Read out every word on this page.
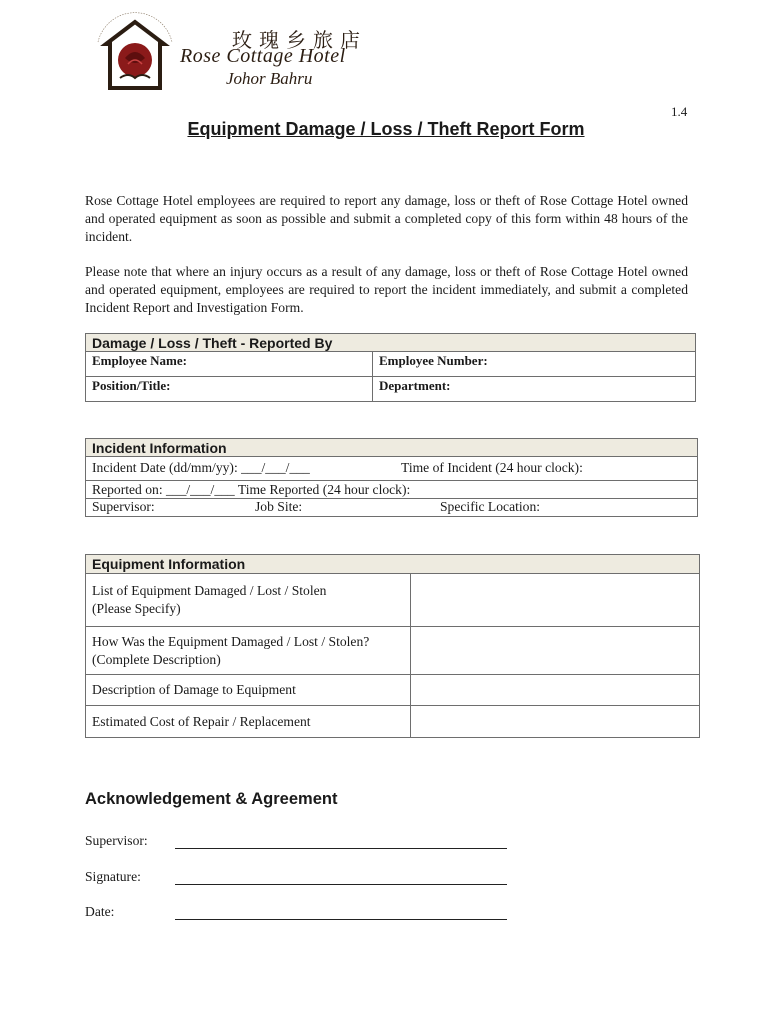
玫瑰乡旅店
Rose Cottage Hotel
Johor Bahru
1.4
Equipment Damage / Loss / Theft Report Form
Rose Cottage Hotel employees are required to report any damage, loss or theft of Rose Cottage Hotel owned and operated equipment as soon as possible and submit a completed copy of this form within 48 hours of the incident.
Please note that where an injury occurs as a result of any damage, loss or theft of Rose Cottage Hotel owned and operated equipment, employees are required to report the incident immediately, and submit a completed Incident Report and Investigation Form.
Damage / Loss / Theft - Reported By	
Employee Name:	Employee Number:
Position/Title:	Department:
Incident Information

Incident Date (dd/mm/yy): ___/___/___	Time of Incident (24 hour clock):

Reported on: ___/___/___ Time Reported (24 hour clock):

Supervisor:	Job Site:	Specific Location:
Equipment Information	

List of Equipment Damaged / Lost / Stolen
(Please Specify)	

How Was the Equipment Damaged / Lost / Stolen?
(Complete Description)	

Description of Damage to Equipment	
Estimated Cost of Repair / Replacement	
Acknowledgement & Agreement
Supervisor:
Signature:
Date:
